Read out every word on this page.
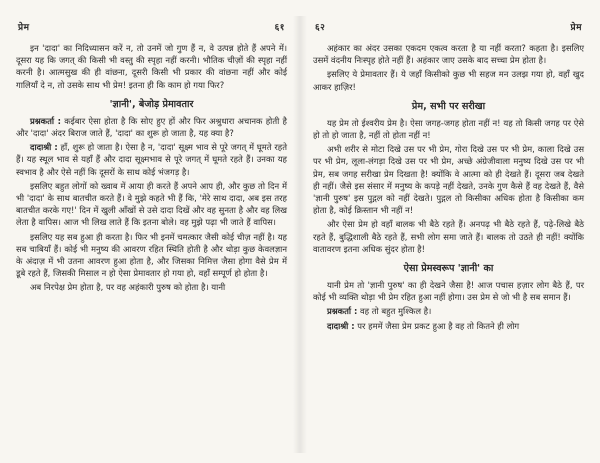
प्रेम	६१

इन 'दादा' का निदिध्यासन करें न, तो उनमें जो गुण हैं न, वे उत्पन्न होते हैं अपने में। दूसरा यह कि जगत् की किसी भी वस्तु की स्पृहा नहीं करनी। भौतिक चीज़ों की स्पृहा नहीं करनी है। आत्मसुख की ही वांछना, दूसरी किसी भी प्रकार की वांछना नहीं और कोई गालियाँ दे न, तो उसके साथ भी प्रेम! इतना ही कि काम हो गया फिर?

'ज्ञानी', बेजोड़ प्रेमावतार

प्रश्नकर्ता : कईबार ऐसा होता है कि सोए हुए हों और फिर अश्रुधारा अचानक होती है और 'दादा' अंदर बिराज जाते हैं, 'दादा' का शुरू हो जाता है, यह क्या है?

दादाश्री : हाँ, शुरू हो जाता है। ऐसा है न, 'दादा' सूक्ष्म भाव से पूरे जगत् में घूमते रहते हैं। यह स्थूल भाव से यहाँ हैं और दादा सूक्ष्मभाव से पूरे जगत् में घूमते रहते हैं। उनका यह स्वभाव है और ऐसे नहीं कि दूसरों के साथ कोई भंजगड़ है।

इसलिए बहुत लोगों को ख्वाब में आया ही करते हैं अपने आप ही, और कुछ तो दिन में भी 'दादा' के साथ बातचीत करते हैं। वे मुझे कहते भी हैं कि, 'मेरे साथ दादा, अब इस तरह बातचीत करके गए!' दिन में खुली आँखों से उसे दादा दिखें और वह सुनता है और वह लिख लेता है वापिस। आज भी लिख लाते हैं कि इतना बोले। वह मुझे पढ़ा भी जाते हैं वापिस।

इसलिए यह सब हुआ ही करता है। फिर भी इनमें चमत्कार जैसी कोई चीज़ नहीं है। यह सब चाबियाँ हैं। कोई भी मनुष्य की आवरण रहित स्थिति होती है और थोड़ा कुछ केवलज्ञान के अंदाज़ में भी उतना आवरण हुआ होता है, और जिसका निमित्त जैसा होगा वैसे प्रेम में डूबे रहते हैं, जिसकी मिसाल न हो ऐसा प्रेमावतार हो गया हो, वहाँ सम्पूर्ण हो होता है।

अब निरपेक्ष प्रेम होता है, पर वह अहंकारी पुरुष को होता है। यानी

६२	प्रेम

अहंकार का अंदर उसका एकदम एकत्व करता है या नहीं करता? कहता है। इसलिए उसमें वंदनीय निःस्पृह होते नहीं हैं। अहंकार जाए उसके बाद सच्चा प्रेम होता है।

इसलिए ये प्रेमावतार हैं। ये जहाँ किसीको कुछ भी सहज मन उलझ गया हो, वहाँ खुद आकर हाज़िर!

प्रेम, सभी पर सरीखा

यह प्रेम तो ईश्वरीय प्रेम है। ऐसा जगह-जगह होता नहीं न! यह तो किसी जगह पर ऐसे हो तो हो जाता है, नहीं तो होता नहीं न!

अभी शरीर से मोटा दिखे उस पर भी प्रेम, गोरा दिखे उस पर भी प्रेम, काला दिखे उस पर भी प्रेम, लूला-लंगड़ा दिखे उस पर भी प्रेम, अच्छे अंग्रेजीवाला मनुष्य दिखे उस पर भी प्रेम, सब जगह सरीखा प्रेम दिखता है! क्योंकि वे आत्मा को ही देखते हैं। दूसरा जब देखते ही नहीं। जैसे इस संसार में मनुष्य के कपड़े नहीं देखते, उनके गुण कैसे हैं वह देखते हैं, वैसे 'ज्ञानी पुरुष' इस पुद्गल को नहीं देखते। पुद्गल तो किसीका अधिक होता है किसीका कम होता है, कोई क्रिस्तान भी नहीं न!

और ऐसा प्रेम हो वहाँ बालक भी बैठे रहते हैं। अनपढ़ भी बैठे रहते हैं, पढ़े-लिखे बैठे रहते हैं, बुद्धिशाली बैठे रहते हैं, सभी लोग समा जाते हैं। बालक तो उठते ही नहीं! क्योंकि वातावरण इतना अधिक सुंदर होता है!

ऐसा प्रेमस्वरूप 'ज्ञानी' का

यानी प्रेम तो 'ज्ञानी पुरुष' का ही देखने जैसा है! आज पचास हज़ार लोग बैठे हैं, पर कोई भी व्यक्ति थोड़ा भी प्रेम रहित हुआ नहीं होगा। उस प्रेम से जो भी है सब समान हैं।

प्रश्नकर्ता : वह तो बहुत मुश्किल है।

दादाश्री : पर हममें जैसा प्रेम प्रकट हुआ है वह तो कितने ही लोग
